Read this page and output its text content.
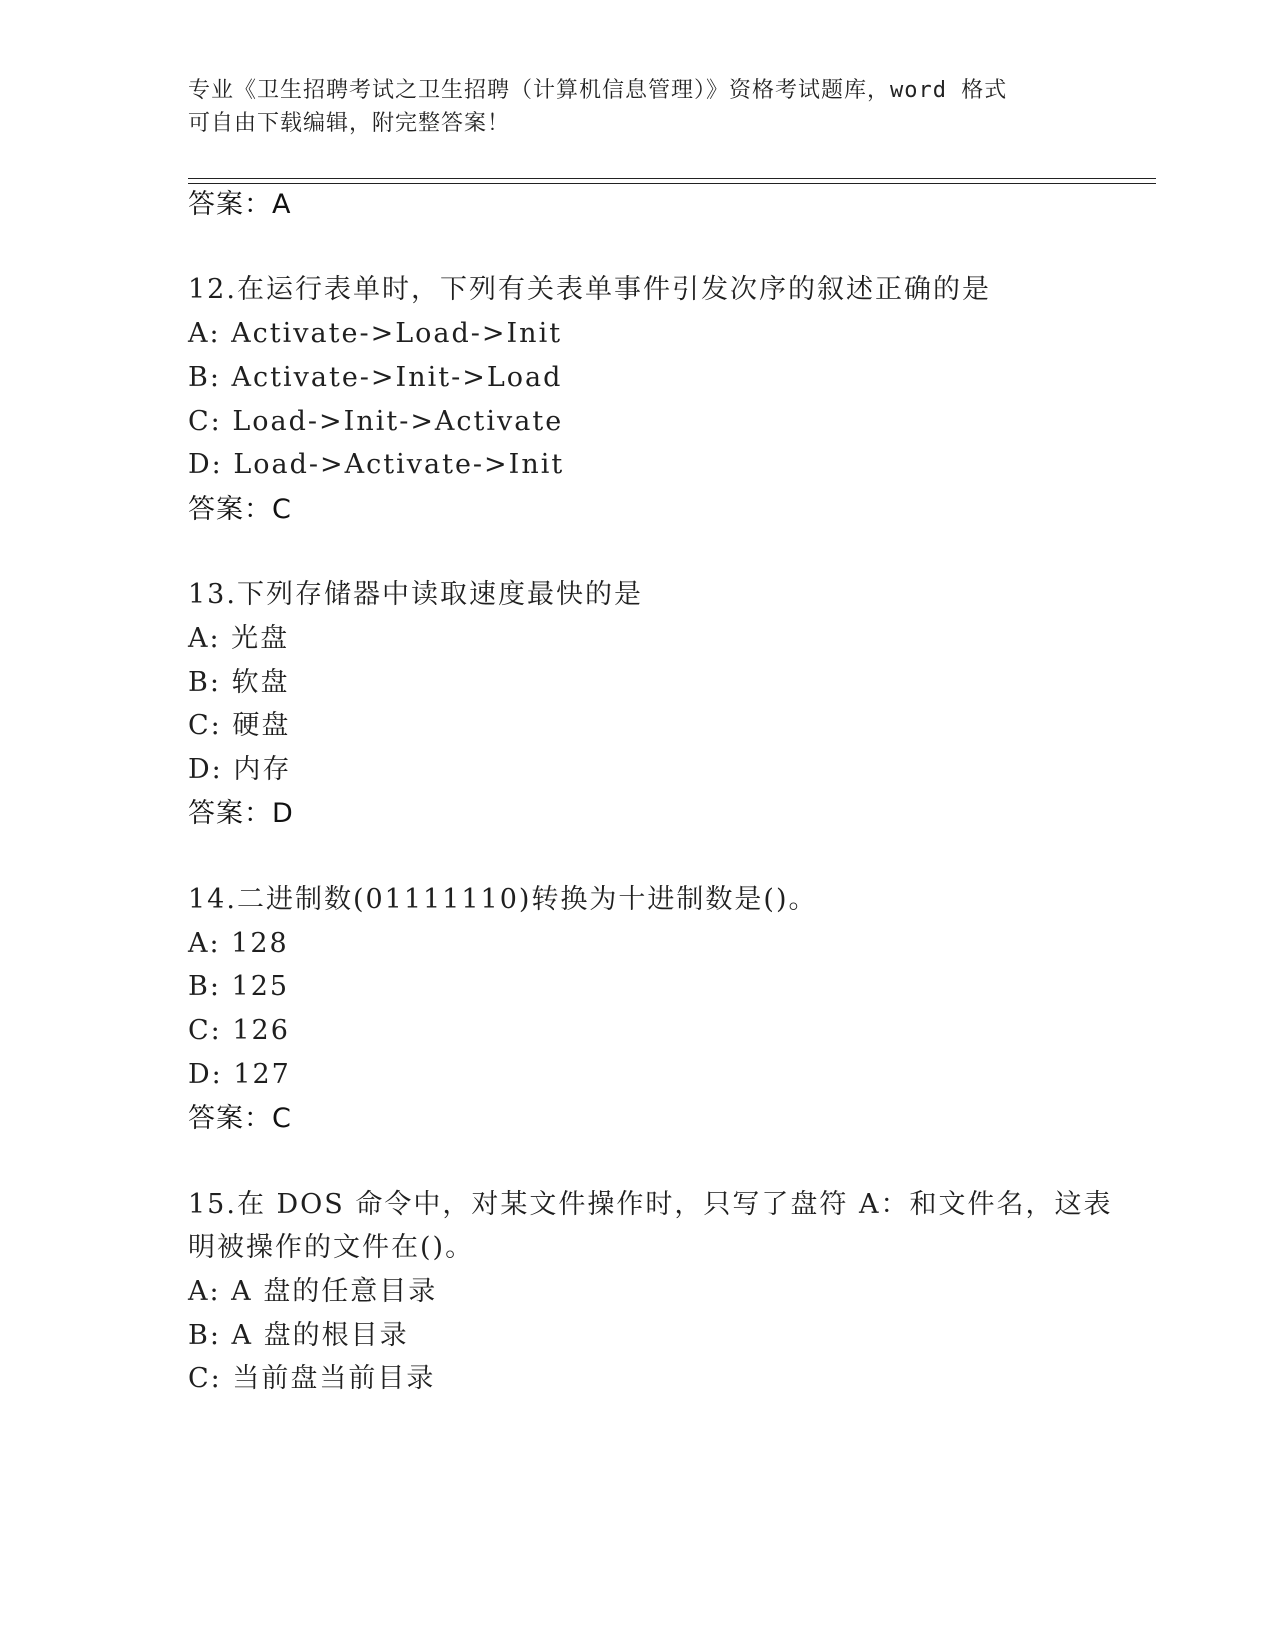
专业《卫生招聘考试之卫生招聘（计算机信息管理）》资格考试题库，word 格式
可自由下载编辑，附完整答案！
答案：A
12.在运行表单时，下列有关表单事件引发次序的叙述正确的是
A: Activate->Load->Init
B: Activate->Init->Load
C: Load->Init->Activate
D: Load->Activate->Init
答案：C
13.下列存储器中读取速度最快的是
A: 光盘
B: 软盘
C: 硬盘
D: 内存
答案：D
14.二进制数(01111110)转换为十进制数是()。
A: 128
B: 125
C: 126
D: 127
答案：C
15.在 DOS 命令中，对某文件操作时，只写了盘符 A：和文件名，这表
明被操作的文件在()。
A: A 盘的任意目录
B: A 盘的根目录
C: 当前盘当前目录
